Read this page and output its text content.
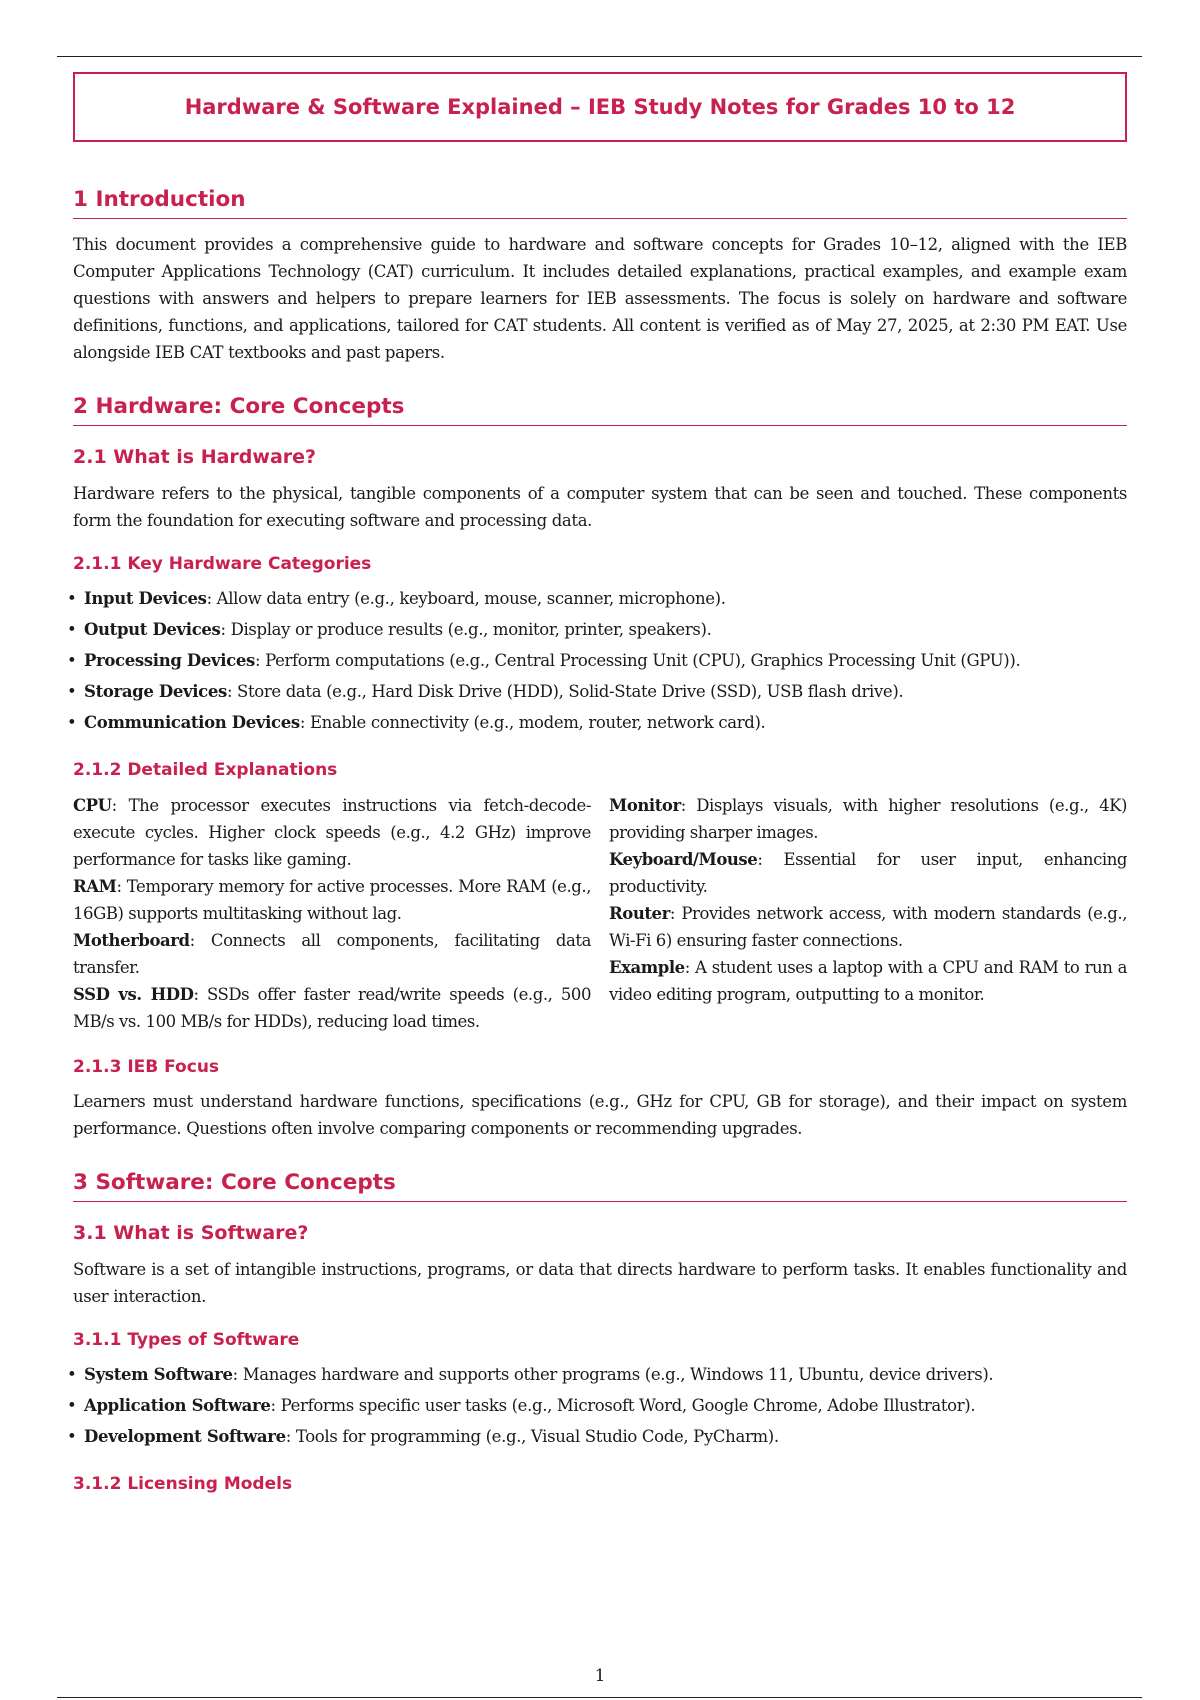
Hardware & Software Explained – IEB Study Notes for Grades 10 to 12
1 Introduction

This document provides a comprehensive guide to hardware and software concepts for Grades 10–12, aligned with the IEB Computer Applications Technology (CAT) curriculum. It includes detailed explanations, practical examples, and example exam questions with answers and helpers to prepare learners for IEB assessments. The focus is solely on hardware and software definitions, functions, and applications, tailored for CAT students. All content is verified as of May 27, 2025, at 2:30 PM EAT. Use alongside IEB CAT textbooks and past papers.

2 Hardware: Core Concepts
2.1 What is Hardware?

Hardware refers to the physical, tangible components of a computer system that can be seen and touched. These components form the foundation for executing software and processing data.

2.1.1 Key Hardware Categories
• Input Devices: Allow data entry (e.g., keyboard, mouse, scanner, microphone).
• Output Devices: Display or produce results (e.g., monitor, printer, speakers).
• Processing Devices: Perform computations (e.g., Central Processing Unit (CPU), Graphics Processing Unit (GPU)).
• Storage Devices: Store data (e.g., Hard Disk Drive (HDD), Solid-State Drive (SSD), USB flash drive).
• Communication Devices: Enable connectivity (e.g., modem, router, network card).
2.1.2 Detailed Explanations
CPU: The processor executes instructions via fetch-decode-execute cycles. Higher clock speeds (e.g., 4.2 GHz) improve performance for tasks like gaming.
RAM: Temporary memory for active processes. More RAM (e.g., 16GB) supports multitasking without lag.
Motherboard: Connects all components, facilitating data transfer.
SSD vs. HDD: SSDs offer faster read/write speeds (e.g., 500 MB/s vs. 100 MB/s for HDDs), reducing load times.
Monitor: Displays visuals, with higher resolutions (e.g., 4K) providing sharper images.
Keyboard/Mouse: Essential for user input, enhancing productivity.
Router: Provides network access, with modern standards (e.g., Wi-Fi 6) ensuring faster connections.
Example: A student uses a laptop with a CPU and RAM to run a video editing program, outputting to a monitor.
2.1.3 IEB Focus

Learners must understand hardware functions, specifications (e.g., GHz for CPU, GB for storage), and their impact on system performance. Questions often involve comparing components or recommending upgrades.

3 Software: Core Concepts
3.1 What is Software?

Software is a set of intangible instructions, programs, or data that directs hardware to perform tasks. It enables functionality and user interaction.

3.1.1 Types of Software
• System Software: Manages hardware and supports other programs (e.g., Windows 11, Ubuntu, device drivers).
• Application Software: Performs specific user tasks (e.g., Microsoft Word, Google Chrome, Adobe Illustrator).
• Development Software: Tools for programming (e.g., Visual Studio Code, PyCharm).
3.1.2 Licensing Models
1
